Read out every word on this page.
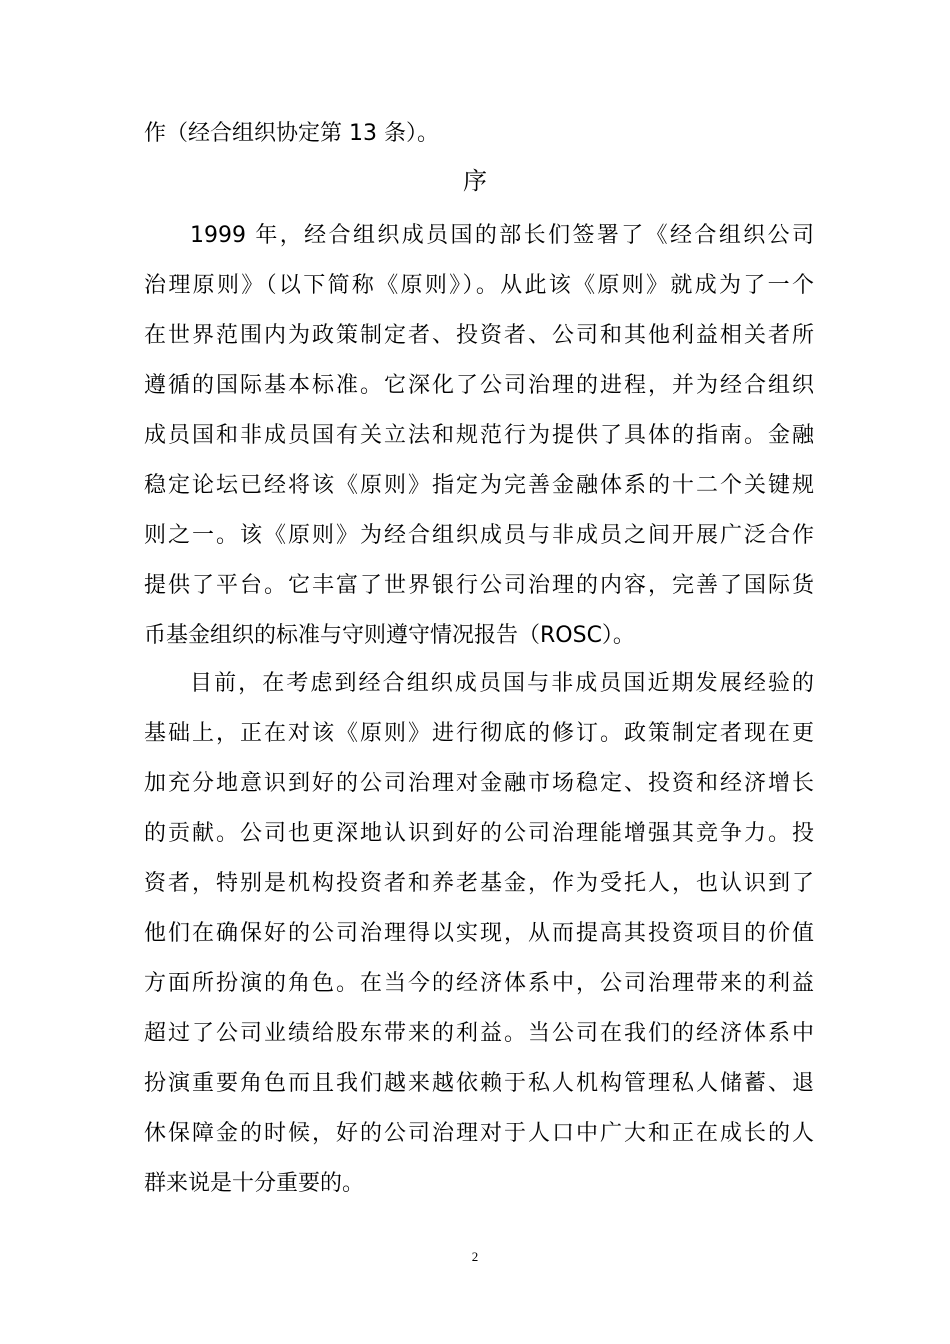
作（经合组织协定第 13 条）。
序
1999 年，经合组织成员国的部长们签署了《经合组织公司
治理原则》（以下简称《原则》）。从此该《原则》就成为了一个
在世界范围内为政策制定者、投资者、公司和其他利益相关者所
遵循的国际基本标准。它深化了公司治理的进程，并为经合组织
成员国和非成员国有关立法和规范行为提供了具体的指南。金融
稳定论坛已经将该《原则》指定为完善金融体系的十二个关键规
则之一。该《原则》为经合组织成员与非成员之间开展广泛合作
提供了平台。它丰富了世界银行公司治理的内容，完善了国际货
币基金组织的标准与守则遵守情况报告（ROSC）。
目前，在考虑到经合组织成员国与非成员国近期发展经验的
基础上，正在对该《原则》进行彻底的修订。政策制定者现在更
加充分地意识到好的公司治理对金融市场稳定、投资和经济增长
的贡献。公司也更深地认识到好的公司治理能增强其竞争力。投
资者，特别是机构投资者和养老基金，作为受托人，也认识到了
他们在确保好的公司治理得以实现，从而提高其投资项目的价值
方面所扮演的角色。在当今的经济体系中，公司治理带来的利益
超过了公司业绩给股东带来的利益。当公司在我们的经济体系中
扮演重要角色而且我们越来越依赖于私人机构管理私人储蓄、退
休保障金的时候，好的公司治理对于人口中广大和正在成长的人
群来说是十分重要的。
2
